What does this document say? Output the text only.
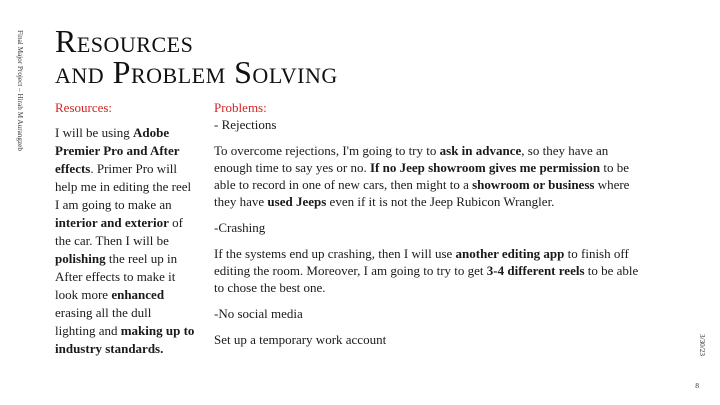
Final Major Project – Hirah M Aurangzeb Resources
and Problem Solving
Resources:

I will be using Adobe Premier Pro and After effects. Primer Pro will help me in editing the reel I am going to make an interior and exterior of the car. Then I will be polishing the reel up in After effects to make it look more enhanced erasing all the dull lighting and making up to industry standards.

Problems:

- Rejections

To overcome rejections, I'm going to try to ask in advance, so they have an enough time to say yes or no. If no Jeep showroom gives me permission to be able to record in one of new cars, then might to a showroom or business where they have used Jeeps even if it is not the Jeep Rubicon Wrangler.

-Crashing

If the systems end up crashing, then I will use another editing app to finish off editing the room. Moreover, I am going to try to get 3-4 different reels to be able to chose the best one.

-No social media

Set up a temporary work account	3/30/23
8
